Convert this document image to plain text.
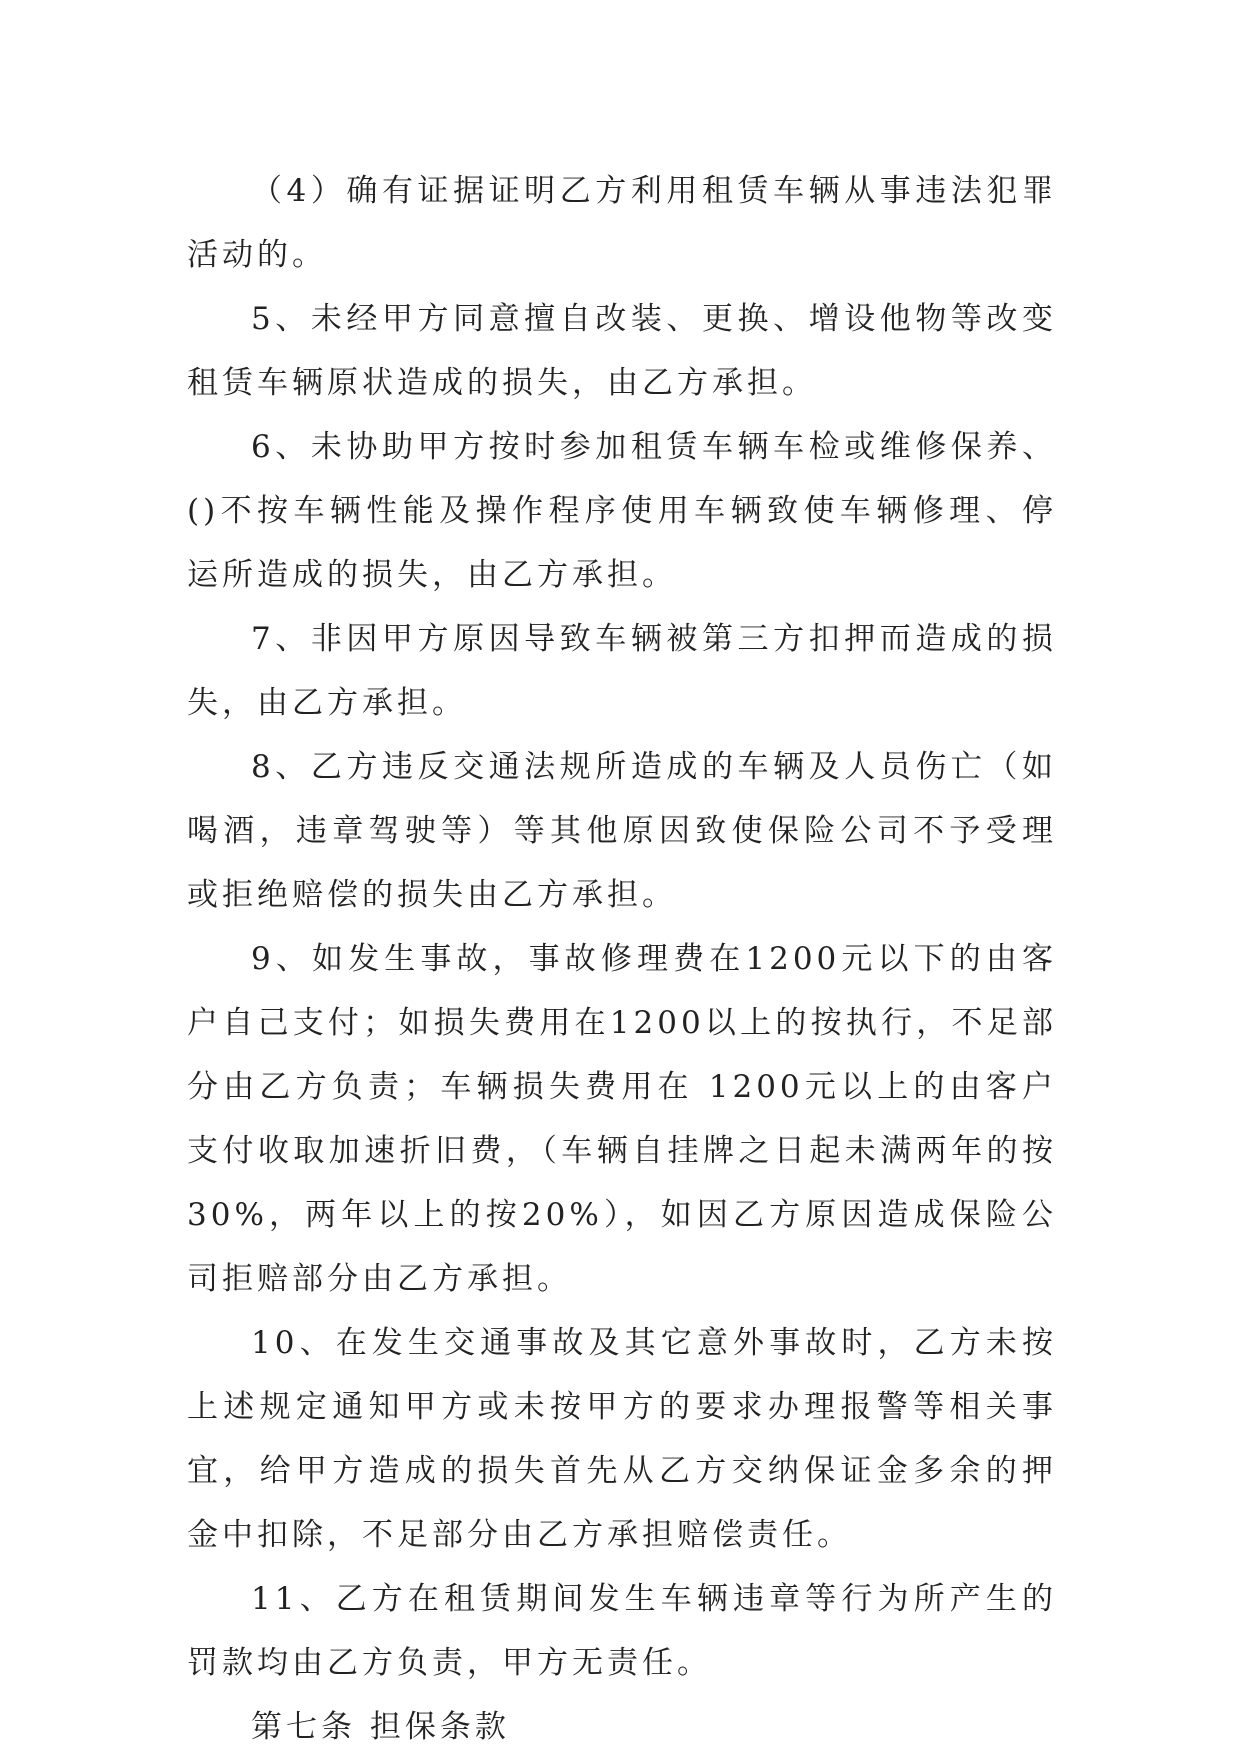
（4）确有证据证明乙方利用租赁车辆从事违法犯罪活动的。

5、未经甲方同意擅自改装、更换、增设他物等改变租赁车辆原状造成的损失，由乙方承担。

6、未协助甲方按时参加租赁车辆车检或维修保养、()不按车辆性能及操作程序使用车辆致使车辆修理、停运所造成的损失，由乙方承担。

7、非因甲方原因导致车辆被第三方扣押而造成的损失，由乙方承担。

8、乙方违反交通法规所造成的车辆及人员伤亡（如喝酒，违章驾驶等）等其他原因致使保险公司不予受理或拒绝赔偿的损失由乙方承担。

9、如发生事故，事故修理费在1200元以下的由客户自己支付；如损失费用在1200以上的按执行，不足部分由乙方负责；车辆损失费用在 1200元以上的由客户支付收取加速折旧费，（车辆自挂牌之日起未满两年的按30%，两年以上的按20%），如因乙方原因造成保险公司拒赔部分由乙方承担。

10、在发生交通事故及其它意外事故时，乙方未按上述规定通知甲方或未按甲方的要求办理报警等相关事宜，给甲方造成的损失首先从乙方交纳保证金多余的押金中扣除，不足部分由乙方承担赔偿责任。

11、乙方在租赁期间发生车辆违章等行为所产生的罚款均由乙方负责，甲方无责任。

第七条 担保条款
